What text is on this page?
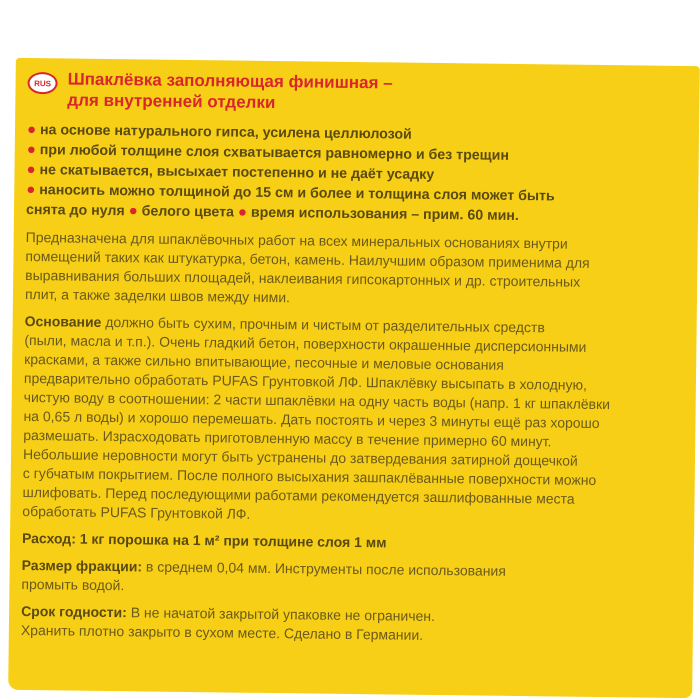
RUS Шпаклёвка заполняющая финишная –
для внутренней отделки
● на основе натурального гипса, усилена целлюлозой
● при любой толщине слоя схватывается равномерно и без трещин
● не скатывается, высыхает постепенно и не даёт усадку
● наносить можно толщиной до 15 см и более и толщина слоя может быть
снята до нуля ● белого цвета ● время использования – прим. 60 мин.
Предназначена для шпаклёвочных работ на всех минеральных основаниях внутри
помещений таких как штукатурка, бетон, камень. Наилучшим образом применима для
выравнивания больших площадей, наклеивания гипсокартонных и др. строительных
плит, а также заделки швов между ними.
Основание должно быть сухим, прочным и чистым от разделительных средств
(пыли, масла и т.п.). Очень гладкий бетон, поверхности окрашенные дисперсионными
красками, а также сильно впитывающие, песочные и меловые основания
предварительно обработать PUFAS Грунтовкой ЛФ. Шпаклёвку высыпать в холодную,
чистую воду в соотношении: 2 части шпаклёвки на одну часть воды (напр. 1 кг шпаклёвки
на 0,65 л воды) и хорошо перемешать. Дать постоять и через 3 минуты ещё раз хорошо
размешать. Израсходовать приготовленную массу в течение примерно 60 минут.
Небольшие неровности могут быть устранены до затвердевания затирной дощечкой
с губчатым покрытием. После полного высыхания зашпаклёванные поверхности можно
шлифовать. Перед последующими работами рекомендуется зашлифованные места
обработать PUFAS Грунтовкой ЛФ.
Расход: 1 кг порошка на 1 м² при толщине слоя 1 мм
Размер фракции: в среднем 0,04 мм. Инструменты после использования
промыть водой.
Срок годности: В не начатой закрытой упаковке не ограничен.
Хранить плотно закрыто в сухом месте. Сделано в Германии.
